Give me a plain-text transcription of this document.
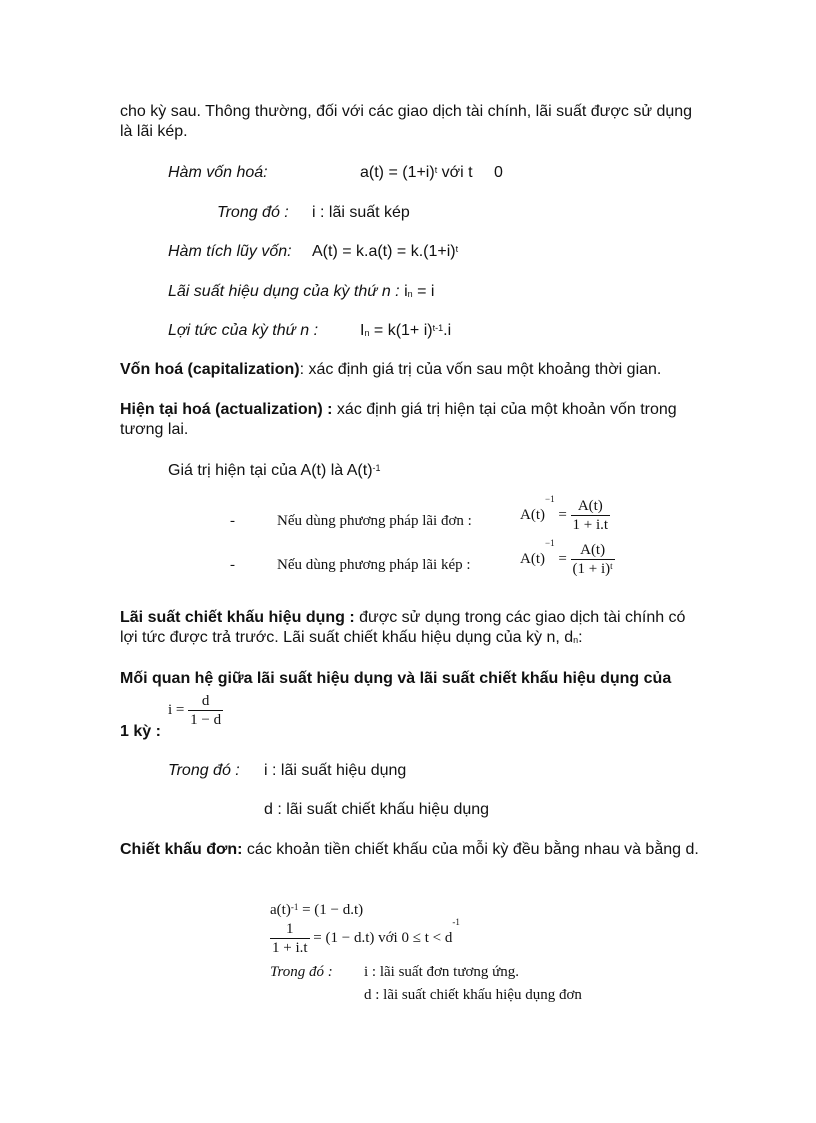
cho kỳ sau. Thông thường, đối với các giao dịch tài chính, lãi suất được sử dụng là lãi kép.
Hàm vốn hoá:	$a(t) = (1+i)^t$ với t 0
Trong đó : i : lãi suất kép
Hàm tích lũy vốn: $A(t) = k.a(t) = k.(1+i)^t$
Lãi suất hiệu dụng của kỳ thứ n : $i_n = i$
Lợi tức của kỳ thứ n :	$I_n = k(1+ i)^{t-1}.i$
Vốn hoá (capitalization): xác định giá trị của vốn sau một khoảng thời gian.
Hiện tại hoá (actualization) : xác định giá trị hiện tại của một khoản vốn trong tương lai.
Giá trị hiện tại của A(t) là $A(t)^{-1}$
-	Nếu dùng phương pháp lãi đơn :	$A(t)^{-1} = \frac{A(t)}{1 + i.t}$
-	Nếu dùng phương pháp lãi kép :	$A(t)^{-1} = \frac{A(t)}{(1 + i)^t}$
Lãi suất chiết khấu hiệu dụng : được sử dụng trong các giao dịch tài chính có lợi tức được trả trước. Lãi suất chiết khấu hiệu dụng của kỳ n, $d_n$:
Mối quan hệ giữa lãi suất hiệu dụng và lãi suất chiết khấu hiệu dụng của
$i = \frac{d}{1 - d}$
1 kỳ :
Trong đó : i : lãi suất hiệu dụng
d : lãi suất chiết khấu hiệu dụng
Chiết khấu đơn: các khoản tiền chiết khấu của mỗi kỳ đều bằng nhau và bằng d.
$a(t)^{-1} = (1 - d.t)$
$\frac{1}{1 + i.t} = (1 - d.t)$ với $0 \le t < d^{-1}$
Trong đó : i : lãi suất đơn tương ứng.
d : lãi suất chiết khấu hiệu dụng đơn
